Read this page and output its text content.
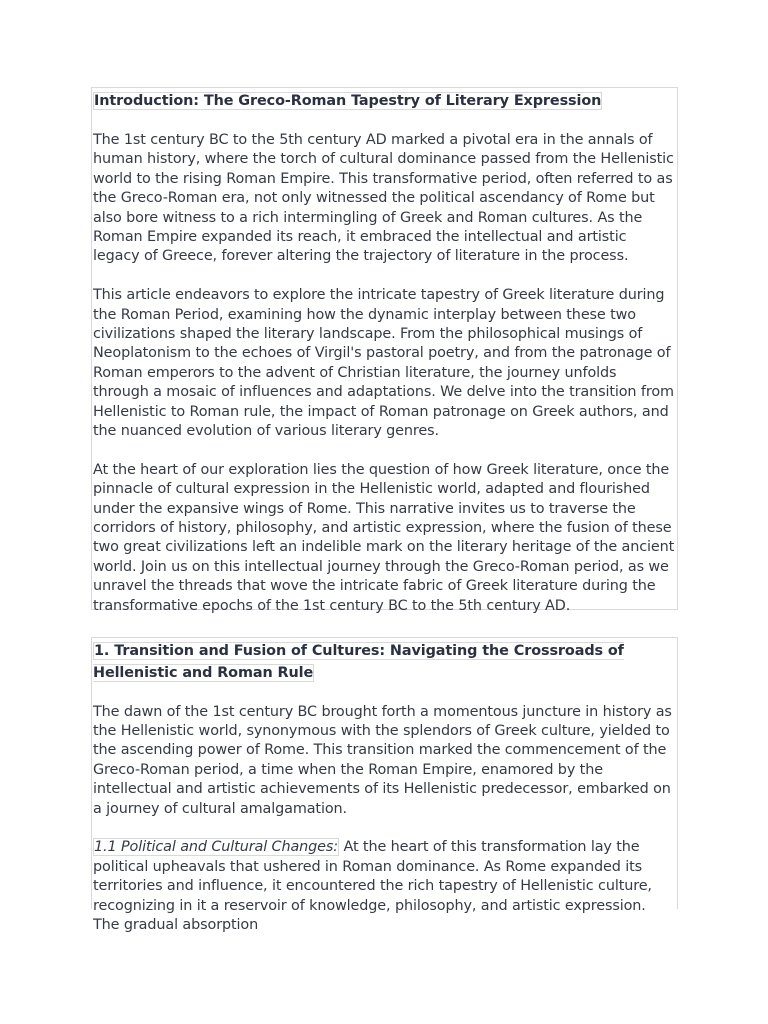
Introduction: The Greco-Roman Tapestry of Literary Expression

The 1st century BC to the 5th century AD marked a pivotal era in the annals of human history, where the torch of cultural dominance passed from the Hellenistic world to the rising Roman Empire. This transformative period, often referred to as the Greco-Roman era, not only witnessed the political ascendancy of Rome but also bore witness to a rich intermingling of Greek and Roman cultures. As the Roman Empire expanded its reach, it embraced the intellectual and artistic legacy of Greece, forever altering the trajectory of literature in the process.

This article endeavors to explore the intricate tapestry of Greek literature during the Roman Period, examining how the dynamic interplay between these two civilizations shaped the literary landscape. From the philosophical musings of Neoplatonism to the echoes of Virgil's pastoral poetry, and from the patronage of Roman emperors to the advent of Christian literature, the journey unfolds through a mosaic of influences and adaptations. We delve into the transition from Hellenistic to Roman rule, the impact of Roman patronage on Greek authors, and the nuanced evolution of various literary genres.

At the heart of our exploration lies the question of how Greek literature, once the pinnacle of cultural expression in the Hellenistic world, adapted and flourished under the expansive wings of Rome. This narrative invites us to traverse the corridors of history, philosophy, and artistic expression, where the fusion of these two great civilizations left an indelible mark on the literary heritage of the ancient world. Join us on this intellectual journey through the Greco-Roman period, as we unravel the threads that wove the intricate fabric of Greek literature during the transformative epochs of the 1st century BC to the 5th century AD.

1. Transition and Fusion of Cultures: Navigating the Crossroads of Hellenistic and Roman Rule

The dawn of the 1st century BC brought forth a momentous juncture in history as the Hellenistic world, synonymous with the splendors of Greek culture, yielded to the ascending power of Rome. This transition marked the commencement of the Greco-Roman period, a time when the Roman Empire, enamored by the intellectual and artistic achievements of its Hellenistic predecessor, embarked on a journey of cultural amalgamation.

1.1 Political and Cultural Changes: At the heart of this transformation lay the political upheavals that ushered in Roman dominance. As Rome expanded its territories and influence, it encountered the rich tapestry of Hellenistic culture, recognizing in it a reservoir of knowledge, philosophy, and artistic expression. The gradual absorption
